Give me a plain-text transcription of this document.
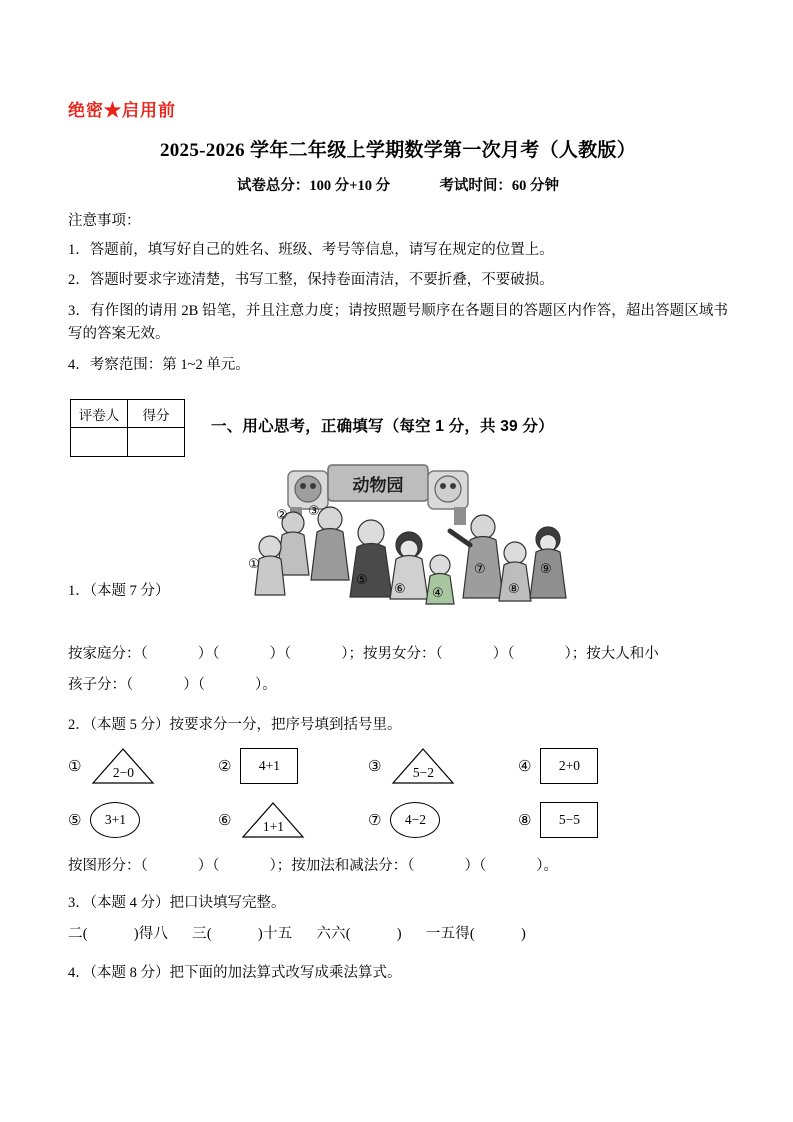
绝密★启用前
2025-2026 学年二年级上学期数学第一次月考（人教版）
试卷总分：100 分+10 分	考试时间：60 分钟
注意事项：
1．答题前，填写好自己的姓名、班级、考号等信息，请写在规定的位置上。
2．答题时要求字迹清楚，书写工整，保持卷面清洁，不要折叠，不要破损。
3．有作图的请用 2B 铅笔，并且注意力度；请按照题号顺序在各题目的答题区内作答，超出答题区域书写的答案无效。
4．考察范围：第 1~2 单元。
评卷人	得分

一、用心思考，正确填写（每空 1 分，共 39 分）
1．（本题 7 分）
动物园
①
② ③
④
⑤
⑥
⑦
⑧
⑨
按家庭分：（	）（	）（	）；按男女分：（	）（	）；按大人和小
孩子分：（	）（	）。
2．（本题 5 分）按要求分一分，把序号填到括号里。
① 2−0	② 4+1	③ 5−2	④ 2+0
⑤ 3+1	⑥ 1+1	⑦ 4−2	⑧ 5−5
按图形分：（	）（	）；按加法和减法分：（	）（	）。
3．（本题 4 分）把口诀填写完整。
二(	)得八 三(	)十五 六六(	) 一五得(	)
4．（本题 8 分）把下面的加法算式改写成乘法算式。
